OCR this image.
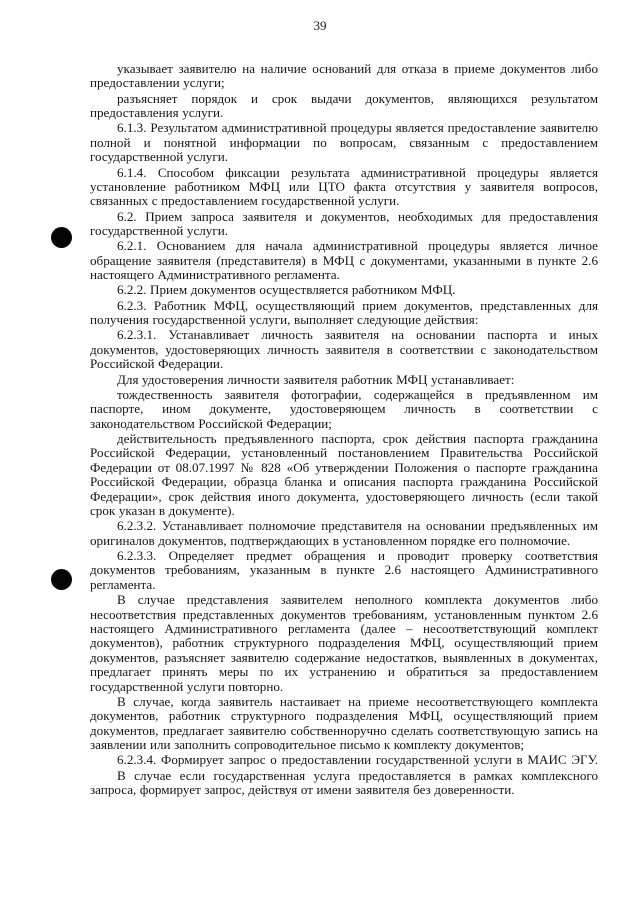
39

указывает заявителю на наличие оснований для отказа в приеме документов либо предоставлении услуги;

разъясняет порядок и срок выдачи документов, являющихся результатом предоставления услуги.

6.1.3. Результатом административной процедуры является предоставление заявителю полной и понятной информации по вопросам, связанным с предоставлением государственной услуги.

6.1.4. Способом фиксации результата административной процедуры является установление работником МФЦ или ЦТО факта отсутствия у заявителя вопросов, связанных с предоставлением государственной услуги.

6.2. Прием запроса заявителя и документов, необходимых для предоставления государственной услуги.

6.2.1. Основанием для начала административной процедуры является личное обращение заявителя (представителя) в МФЦ с документами, указанными в пункте 2.6 настоящего Административного регламента.

6.2.2. Прием документов осуществляется работником МФЦ.

6.2.3. Работник МФЦ, осуществляющий прием документов, представленных для получения государственной услуги, выполняет следующие действия:

6.2.3.1. Устанавливает личность заявителя на основании паспорта и иных документов, удостоверяющих личность заявителя в соответствии с законодательством Российской Федерации.

Для удостоверения личности заявителя работник МФЦ устанавливает:

тождественность заявителя фотографии, содержащейся в предъявленном им паспорте, ином документе, удостоверяющем личность в соответствии с законодательством Российской Федерации;

действительность предъявленного паспорта, срок действия паспорта гражданина Российской Федерации, установленный постановлением Правительства Российской Федерации от 08.07.1997 № 828 «Об утверждении Положения о паспорте гражданина Российской Федерации, образца бланка и описания паспорта гражданина Российской Федерации», срок действия иного документа, удостоверяющего личность (если такой срок указан в документе).

6.2.3.2. Устанавливает полномочие представителя на основании предъявленных им оригиналов документов, подтверждающих в установленном порядке его полномочие.

6.2.3.3. Определяет предмет обращения и проводит проверку соответствия документов требованиям, указанным в пункте 2.6 настоящего Административного регламента.

В случае представления заявителем неполного комплекта документов либо несоответствия представленных документов требованиям, установленным пунктом 2.6 настоящего Административного регламента (далее – несоответствующий комплект документов), работник структурного подразделения МФЦ, осуществляющий прием документов, разъясняет заявителю содержание недостатков, выявленных в документах, предлагает принять меры по их устранению и обратиться за предоставлением государственной услуги повторно.

В случае, когда заявитель настаивает на приеме несоответствующего комплекта документов, работник структурного подразделения МФЦ, осуществляющий прием документов, предлагает заявителю собственноручно сделать соответствующую запись на заявлении или заполнить сопроводительное письмо к комплекту документов;

6.2.3.4. Формирует запрос о предоставлении государственной услуги в МАИС ЭГУ.

В случае если государственная услуга предоставляется в рамках комплексного запроса, формирует запрос, действуя от имени заявителя без доверенности.
